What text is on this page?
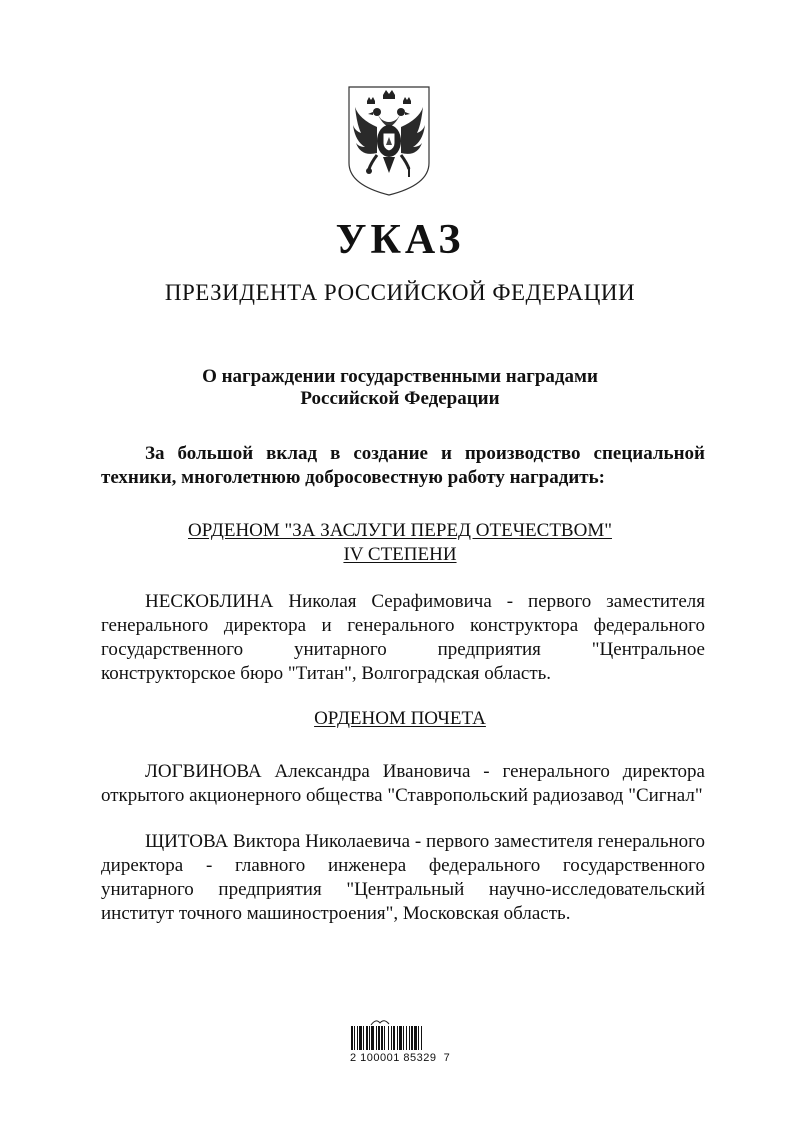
УКАЗ
ПРЕЗИДЕНТА РОССИЙСКОЙ ФЕДЕРАЦИИ
О награждении государственными наградами
Российской Федерации
За большой вклад в создание и производство специальной техники, многолетнюю добросовестную работу наградить:
ОРДЕНОМ "ЗА ЗАСЛУГИ ПЕРЕД ОТЕЧЕСТВОМ"
IV СТЕПЕНИ
НЕСКОБЛИНА Николая Серафимовича - первого заместителя генерального директора и генерального конструктора федерального государственного унитарного предприятия "Центральное конструкторское бюро "Титан", Волгоградская область.
ОРДЕНОМ ПОЧЕТА
ЛОГВИНОВА Александра Ивановича - генерального директора открытого акционерного общества "Ставропольский радиозавод "Сигнал"
ЩИТОВА Виктора Николаевича - первого заместителя генерального директора - главного инженера федерального государственного унитарного предприятия "Центральный научно-исследовательский институт точного машиностроения", Московская область.
2 100001 85329  7
